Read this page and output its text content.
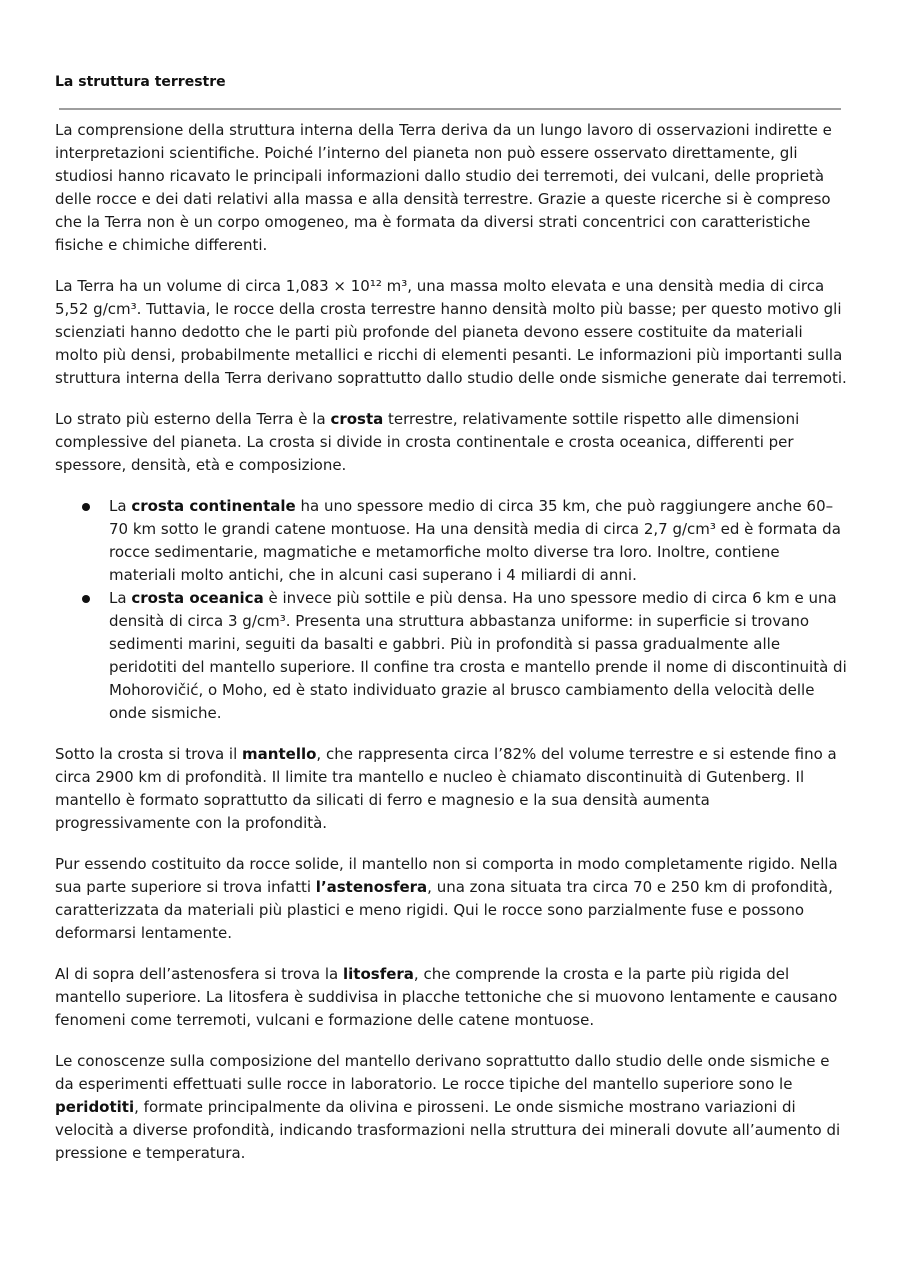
La struttura terrestre

La comprensione della struttura interna della Terra deriva da un lungo lavoro di osservazioni indirette e interpretazioni scientifiche. Poiché l’interno del pianeta non può essere osservato direttamente, gli studiosi hanno ricavato le principali informazioni dallo studio dei terremoti, dei vulcani, delle proprietà delle rocce e dei dati relativi alla massa e alla densità terrestre. Grazie a queste ricerche si è compreso che la Terra non è un corpo omogeneo, ma è formata da diversi strati concentrici con caratteristiche fisiche e chimiche differenti.

La Terra ha un volume di circa 1,083 × 10¹² m³, una massa molto elevata e una densità media di circa 5,52 g/cm³. Tuttavia, le rocce della crosta terrestre hanno densità molto più basse; per questo motivo gli scienziati hanno dedotto che le parti più profonde del pianeta devono essere costituite da materiali molto più densi, probabilmente metallici e ricchi di elementi pesanti. Le informazioni più importanti sulla struttura interna della Terra derivano soprattutto dallo studio delle onde sismiche generate dai terremoti.

Lo strato più esterno della Terra è la crosta terrestre, relativamente sottile rispetto alle dimensioni complessive del pianeta. La crosta si divide in crosta continentale e crosta oceanica, differenti per spessore, densità, età e composizione.

La crosta continentale ha uno spessore medio di circa 35 km, che può raggiungere anche 60–70 km sotto le grandi catene montuose. Ha una densità media di circa 2,7 g/cm³ ed è formata da rocce sedimentarie, magmatiche e metamorfiche molto diverse tra loro. Inoltre, contiene materiali molto antichi, che in alcuni casi superano i 4 miliardi di anni.
La crosta oceanica è invece più sottile e più densa. Ha uno spessore medio di circa 6 km e una densità di circa 3 g/cm³. Presenta una struttura abbastanza uniforme: in superficie si trovano sedimenti marini, seguiti da basalti e gabbri. Più in profondità si passa gradualmente alle peridotiti del mantello superiore. Il confine tra crosta e mantello prende il nome di discontinuità di Mohorovičić, o Moho, ed è stato individuato grazie al brusco cambiamento della velocità delle onde sismiche.

Sotto la crosta si trova il mantello, che rappresenta circa l’82% del volume terrestre e si estende fino a circa 2900 km di profondità. Il limite tra mantello e nucleo è chiamato discontinuità di Gutenberg. Il mantello è formato soprattutto da silicati di ferro e magnesio e la sua densità aumenta progressivamente con la profondità.

Pur essendo costituito da rocce solide, il mantello non si comporta in modo completamente rigido. Nella sua parte superiore si trova infatti l’astenosfera, una zona situata tra circa 70 e 250 km di profondità, caratterizzata da materiali più plastici e meno rigidi. Qui le rocce sono parzialmente fuse e possono deformarsi lentamente.

Al di sopra dell’astenosfera si trova la litosfera, che comprende la crosta e la parte più rigida del mantello superiore. La litosfera è suddivisa in placche tettoniche che si muovono lentamente e causano fenomeni come terremoti, vulcani e formazione delle catene montuose.

Le conoscenze sulla composizione del mantello derivano soprattutto dallo studio delle onde sismiche e da esperimenti effettuati sulle rocce in laboratorio. Le rocce tipiche del mantello superiore sono le peridotiti, formate principalmente da olivina e pirosseni. Le onde sismiche mostrano variazioni di velocità a diverse profondità, indicando trasformazioni nella struttura dei minerali dovute all’aumento di pressione e temperatura.
